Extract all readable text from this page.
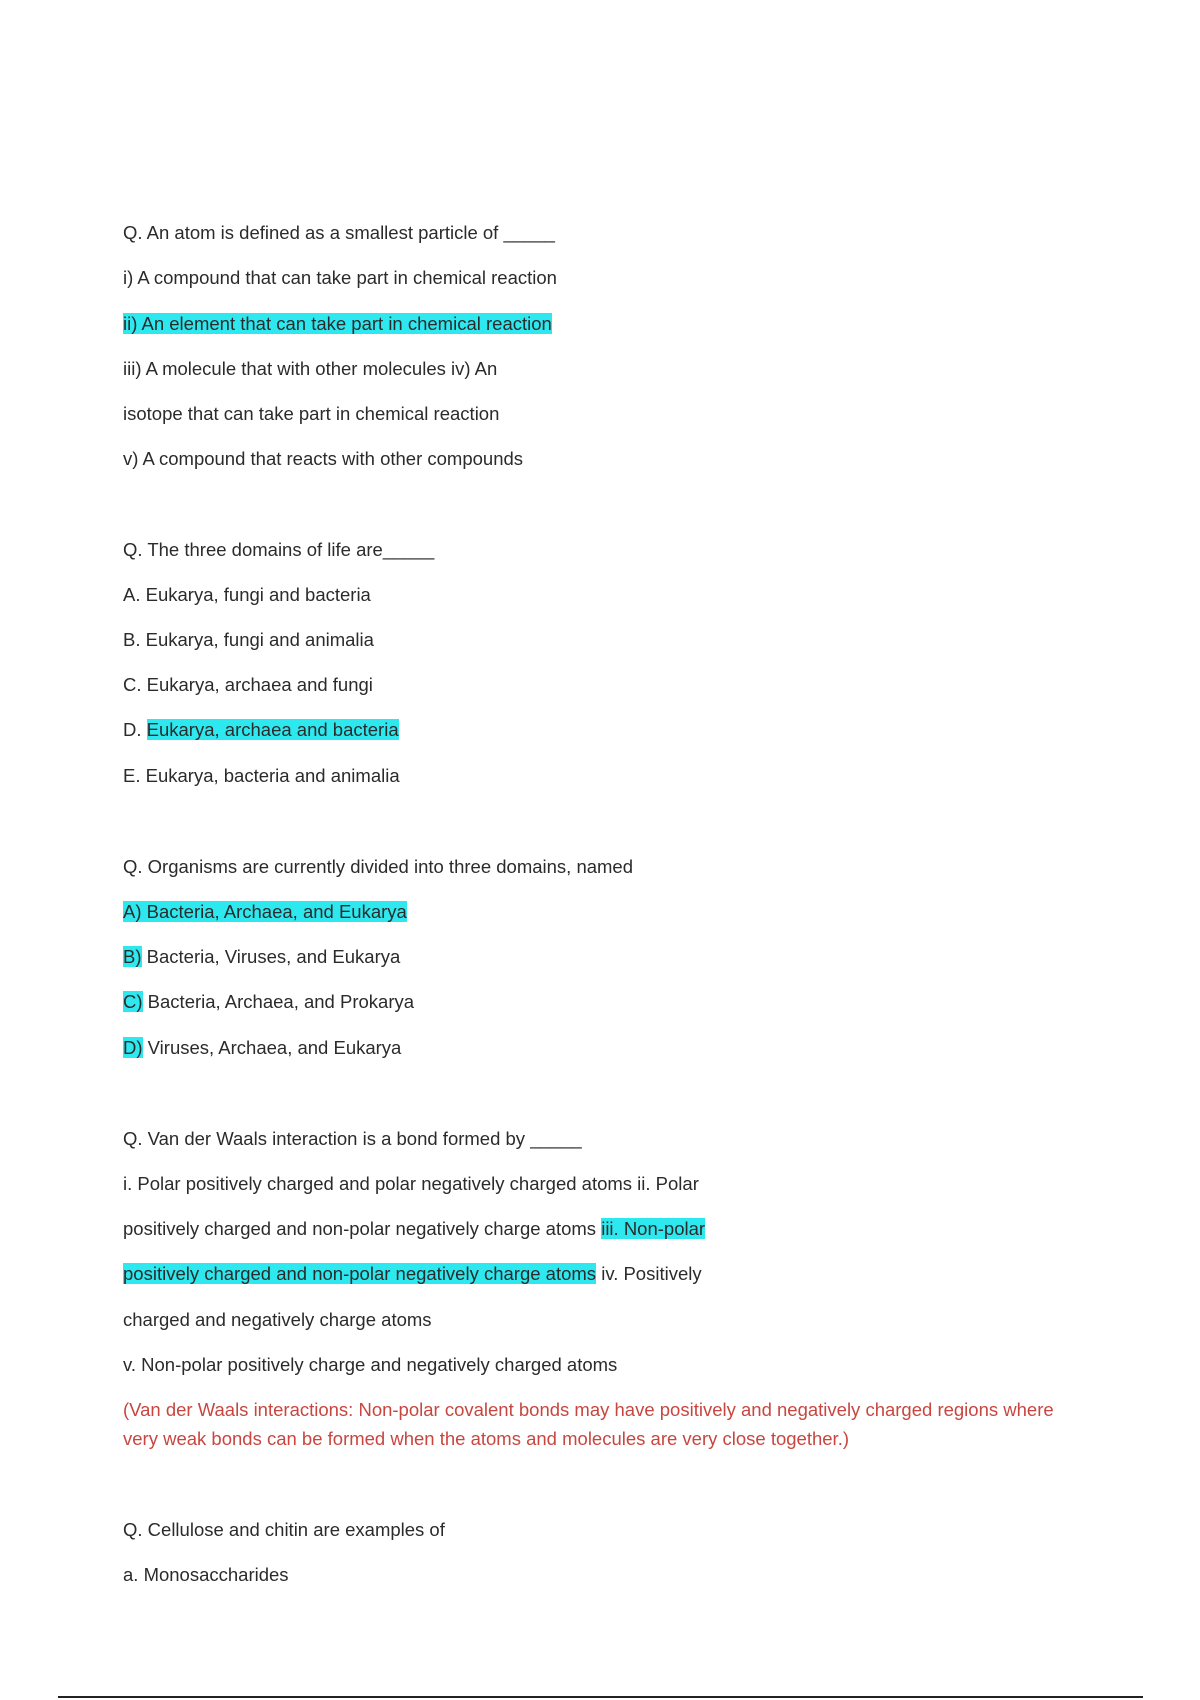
Q. An atom is defined as a smallest particle of _____
i) A compound that can take part in chemical reaction
ii) An element that can take part in chemical reaction
iii) A molecule that with other molecules iv) An
isotope that can take part in chemical reaction
v) A compound that reacts with other compounds
Q. The three domains of life are_____
A. Eukarya, fungi and bacteria
B. Eukarya, fungi and animalia
C. Eukarya, archaea and fungi
D. Eukarya, archaea and bacteria
E. Eukarya, bacteria and animalia
Q. Organisms are currently divided into three domains, named
A) Bacteria, Archaea, and Eukarya
B) Bacteria, Viruses, and Eukarya
C) Bacteria, Archaea, and Prokarya
D) Viruses, Archaea, and Eukarya
Q. Van der Waals interaction is a bond formed by _____
i. Polar positively charged and polar negatively charged atoms ii. Polar
positively charged and non-polar negatively charge atoms iii. Non-polar
positively charged and non-polar negatively charge atoms iv. Positively
charged and negatively charge atoms
v. Non-polar positively charge and negatively charged atoms
(Van der Waals interactions: Non-polar covalent bonds may have positively and negatively charged regions where very weak bonds can be formed when the atoms and molecules are very close together.)
Q. Cellulose and chitin are examples of
a. Monosaccharides
